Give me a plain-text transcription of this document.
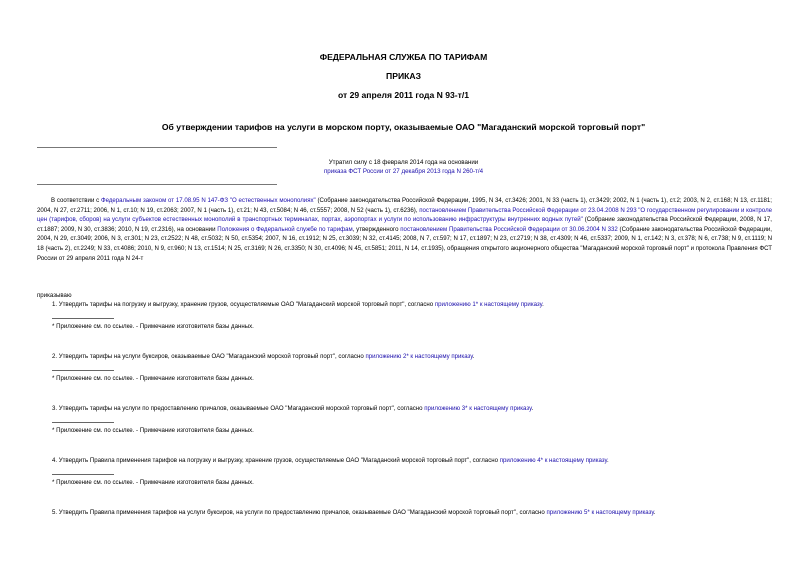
ФЕДЕРАЛЬНАЯ СЛУЖБА ПО ТАРИФАМ
ПРИКАЗ
от 29 апреля 2011 года N 93-т/1
Об утверждении тарифов на услуги в морском порту, оказываемые ОАО "Магаданский морской торговый порт"
Утратил силу с 18 февраля 2014 года на основании
приказа ФСТ России от 27 декабря 2013 года N 260-т/4
В соответствии с Федеральным законом от 17.08.95 N 147-ФЗ "О естественных монополиях" (Собрание законодательства Российской Федерации, 1995, N 34, ст.3426; 2001, N 33 (часть 1), ст.3429; 2002, N 1 (часть 1), ст.2; 2003, N 2, ст.168; N 13, ст.1181; 2004, N 27, ст.2711; 2006, N 1, ст.10; N 19, ст.2063; 2007, N 1 (часть 1), ст.21; N 43, ст.5084; N 46, ст.5557; 2008, N 52 (часть 1), ст.6236), постановлением Правительства Российской Федерации от 23.04.2008 N 293 "О государственном регулировании и контроле цен (тарифов, сборов) на услуги субъектов естественных монополий в транспортных терминалах, портах, аэропортах и услуги по использованию инфраструктуры внутренних водных путей" (Собрание законодательства Российской Федерации, 2008, N 17, ст.1887; 2009, N 30, ст.3836; 2010, N 19, ст.2316), на основании Положения о Федеральной службе по тарифам, утвержденного постановлением Правительства Российской Федерации от 30.06.2004 N 332 (Собрание законодательства Российской Федерации, 2004, N 29, ст.3049; 2006, N 3, ст.301; N 23, ст.2522; N 48, ст.5032; N 50, ст.5354; 2007, N 16, ст.1912; N 25, ст.3039; N 32, ст.4145; 2008, N 7, ст.597; N 17, ст.1897; N 23, ст.2719; N 38, ст.4309; N 46, ст.5337; 2009, N 1, ст.142; N 3, ст.378; N 6, ст.738; N 9, ст.1119; N 18 (часть 2), ст.2249; N 33, ст.4086; 2010, N 9, ст.960; N 13, ст.1514; N 25, ст.3169; N 26, ст.3350; N 30, ст.4096; N 45, ст.5851; 2011, N 14, ст.1935), обращения открытого акционерного общества "Магаданский морской торговый порт" и протокола Правления ФСТ России от 29 апреля 2011 года N 24-т
приказываю
1. Утвердить тарифы на погрузку и выгрузку, хранение грузов, осуществляемые ОАО "Магаданский морской торговый порт", согласно приложению 1* к настоящему приказу.
* Приложение см. по ссылке. - Примечание изготовителя базы данных.
2. Утвердить тарифы на услуги буксиров, оказываемые ОАО "Магаданский морской торговый порт", согласно приложению 2* к настоящему приказу.
* Приложение см. по ссылке. - Примечание изготовителя базы данных.
3. Утвердить тарифы на услуги по предоставлению причалов, оказываемые ОАО "Магаданский морской торговый порт", согласно приложению 3* к настоящему приказу.
* Приложение см. по ссылке. - Примечание изготовителя базы данных.
4. Утвердить Правила применения тарифов на погрузку и выгрузку, хранение грузов, осуществляемые ОАО "Магаданский морской торговый порт", согласно приложению 4* к настоящему приказу.
* Приложение см. по ссылке. - Примечание изготовителя базы данных.
5. Утвердить Правила применения тарифов на услуги буксиров, на услуги по предоставлению причалов, оказываемые ОАО "Магаданский морской торговый порт", согласно приложению 5* к настоящему приказу.
